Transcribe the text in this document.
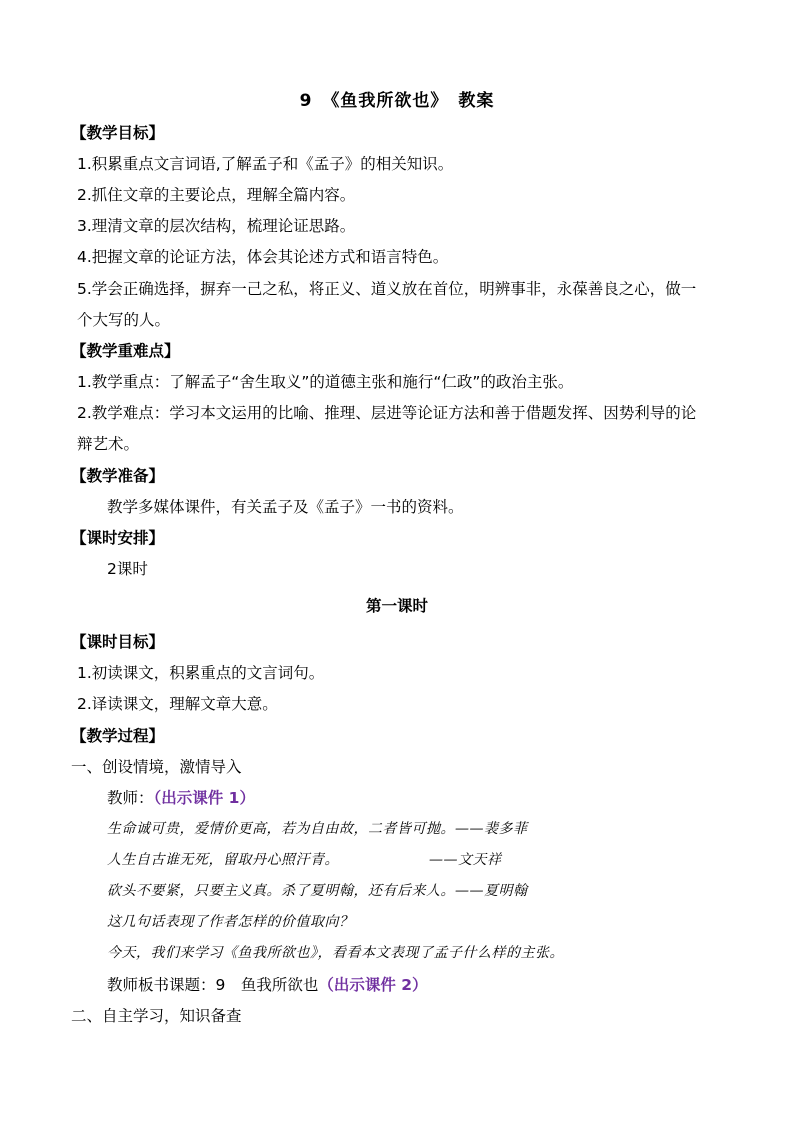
9 《鱼我所欲也》 教案
【教学目标】
1.积累重点文言词语,了解孟子和《孟子》的相关知识。
2.抓住文章的主要论点，理解全篇内容。
3.理清文章的层次结构，梳理论证思路。
4.把握文章的论证方法，体会其论述方式和语言特色。
5.学会正确选择，摒弃一己之私，将正义、道义放在首位，明辨事非，永葆善良之心，做一
个大写的人。
【教学重难点】
1.教学重点：了解孟子“舍生取义”的道德主张和施行“仁政”的政治主张。
2.教学难点：学习本文运用的比喻、推理、层进等论证方法和善于借题发挥、因势利导的论
辩艺术。
【教学准备】
教学多媒体课件，有关孟子及《孟子》一书的资料。
【课时安排】
2课时
第一课时
【课时目标】
1.初读课文，积累重点的文言词句。
2.译读课文，理解文章大意。
【教学过程】
一、创设情境，激情导入
教师：（出示课件 1）
生命诚可贵，爱情价更高，若为自由故，二者皆可抛。——裴多菲
人生自古谁无死，留取丹心照汗青。	——文天祥
砍头不要紧，只要主义真。杀了夏明翰，还有后来人。——夏明翰
这几句话表现了作者怎样的价值取向？
今天，我们来学习《鱼我所欲也》，看看本文表现了孟子什么样的主张。
教师板书课题：9　鱼我所欲也（出示课件 2）
二、自主学习，知识备查
